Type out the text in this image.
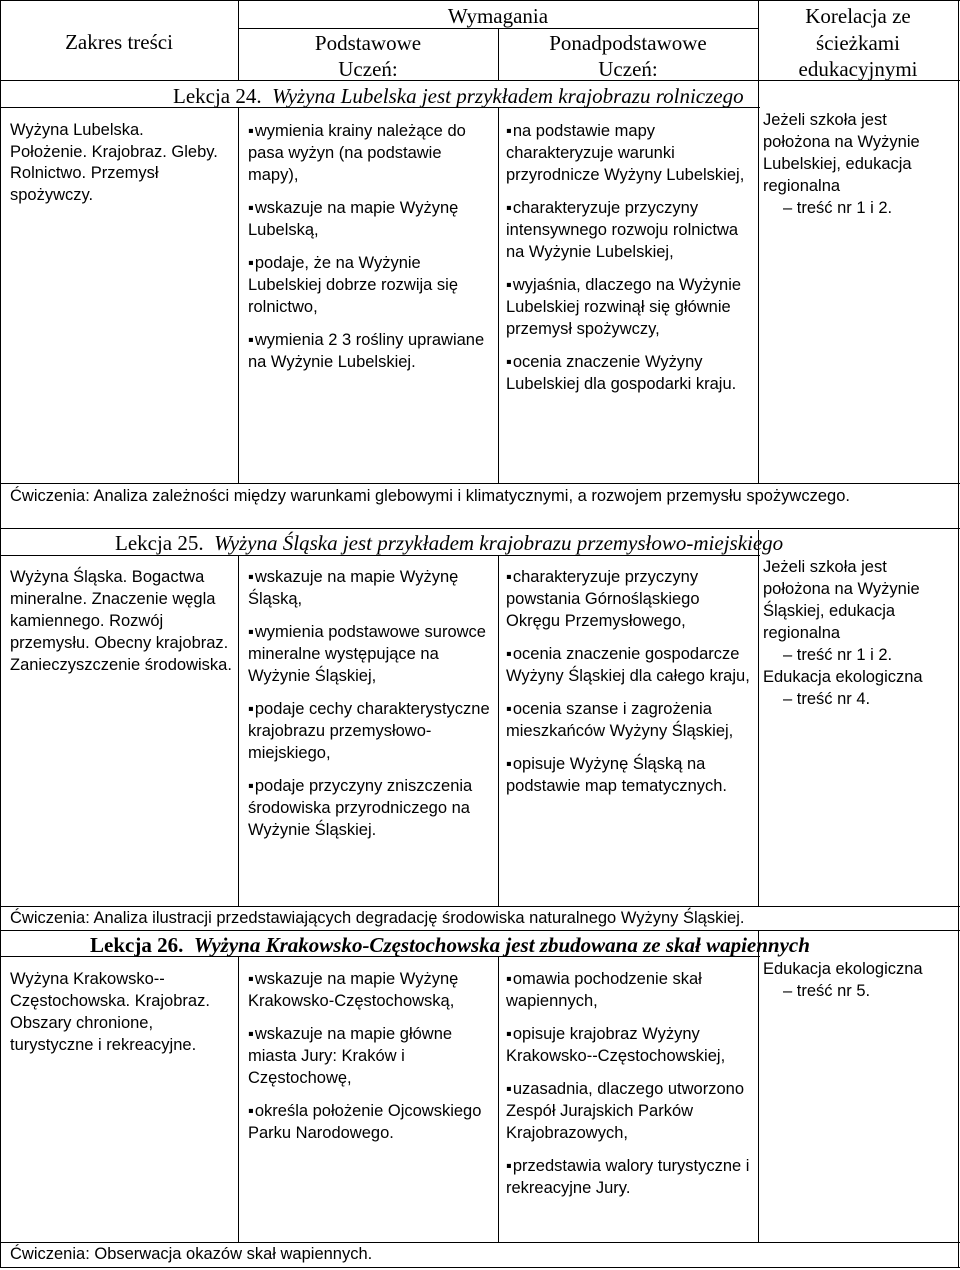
Zakres treści
Wymagania
Podstawowe
Uczeń:
Ponadpodstawowe
Uczeń:
Korelacja ze
ścieżkami
edukacyjnymi
Lekcja 24. Wyżyna Lubelska jest przykładem krajobrazu rolniczego
Wyżyna Lubelska. Położenie. Krajobraz. Gleby. Rolnictwo. Przemysł spożywczy.
▪ wymienia krainy należące do pasa wyżyn (na podstawie mapy),
▪ wskazuje na mapie Wyżynę Lubelską,
▪ podaje, że na Wyżynie Lubelskiej dobrze rozwija się rolnictwo,
▪ wymienia 2 3 rośliny uprawiane na Wyżynie Lubelskiej.
▪ na podstawie mapy charakteryzuje warunki przyrodnicze Wyżyny Lubelskiej,
▪ charakteryzuje przyczyny intensywnego rozwoju rolnictwa na Wyżynie Lubelskiej,
▪ wyjaśnia, dlaczego na Wyżynie Lubelskiej rozwinął się głównie przemysł spożywczy,
▪ ocenia znaczenie Wyżyny Lubelskiej dla gospodarki kraju.

Jeżeli szkoła jest położona na Wyżynie Lubelskiej, edukacja regionalna

– treść nr 1 i 2.

Ćwiczenia: Analiza zależności między warunkami glebowymi i klimatycznymi, a rozwojem przemysłu spożywczego.
Lekcja 25. Wyżyna Śląska jest przykładem krajobrazu przemysłowo-miejskiego
Wyżyna Śląska. Bogactwa mineralne. Znaczenie węgla kamiennego. Rozwój przemysłu. Obecny krajobraz. Zanieczyszczenie środowiska.
▪ wskazuje na mapie Wyżynę Śląską,
▪ wymienia podstawowe surowce mineralne występujące na Wyżynie Śląskiej,
▪ podaje cechy charakterystyczne krajobrazu przemysłowo-miejskiego,
▪ podaje przyczyny zniszczenia środowiska przyrodniczego na Wyżynie Śląskiej.
▪ charakteryzuje przyczyny powstania Górnośląskiego Okręgu Przemysłowego,
▪ ocenia znaczenie gospodarcze Wyżyny Śląskiej dla całego kraju,
▪ ocenia szanse i zagrożenia mieszkańców Wyżyny Śląskiej,
▪ opisuje Wyżynę Śląską na podstawie map tematycznych.

Jeżeli szkoła jest położona na Wyżynie Śląskiej, edukacja regionalna

– treść nr 1 i 2.

Edukacja ekologiczna

– treść nr 4.

Ćwiczenia: Analiza ilustracji przedstawiających degradację środowiska naturalnego Wyżyny Śląskiej.
Lekcja 26. Wyżyna Krakowsko-Częstochowska jest zbudowana ze skał wapiennych
Wyżyna Krakowsko--Częstochowska. Krajobraz. Obszary chronione, turystyczne i rekreacyjne.
▪ wskazuje na mapie Wyżynę Krakowsko-Częstochowską,
▪ wskazuje na mapie główne miasta Jury: Kraków i Częstochowę,
▪ określa położenie Ojcowskiego Parku Narodowego.
▪ omawia pochodzenie skał wapiennych,
▪ opisuje krajobraz Wyżyny Krakowsko--Częstochowskiej,
▪ uzasadnia, dlaczego utworzono Zespół Jurajskich Parków Krajobrazowych,
▪ przedstawia walory turystyczne i rekreacyjne Jury.

Edukacja ekologiczna

– treść nr 5.

Ćwiczenia: Obserwacja okazów skał wapiennych.
